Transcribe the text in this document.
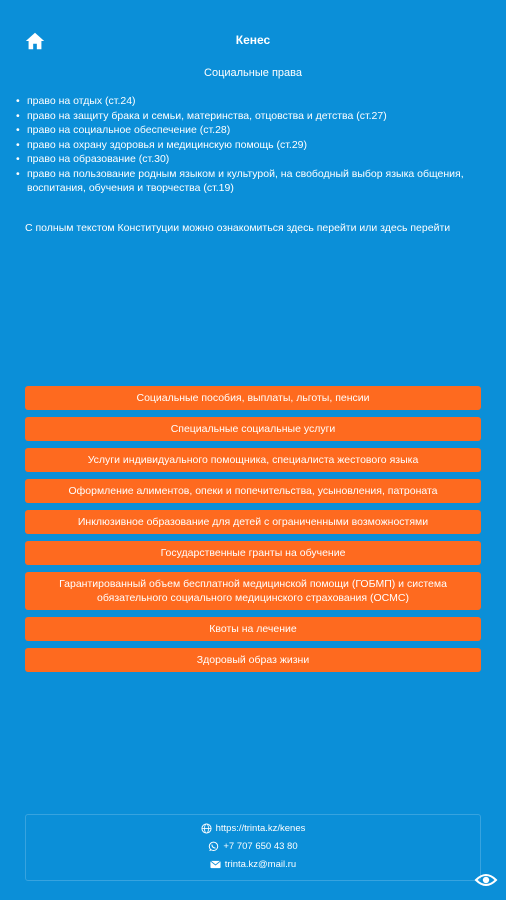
Кенес
Социальные права
• право на отдых (ст.24)
• право на защиту брака и семьи, материнства, отцовства и детства (ст.27)
• право на социальное обеспечение (ст.28)
• право на охрану здоровья и медицинскую помощь (ст.29)
• право на образование (ст.30)
• право на пользование родным языком и культурой, на свободный выбор языка общения, воспитания, обучения и творчества (ст.19)
С полным текстом Конституции можно ознакомиться здесь перейти или здесь перейти
Социальные пособия, выплаты, льготы, пенсии
Специальные социальные услуги
Услуги индивидуального помощника, специалиста жестового языка
Оформление алиментов, опеки и попечительства, усыновления, патроната
Инклюзивное образование для детей с ограниченными возможностями
Государственные гранты на обучение
Гарантированный объем бесплатной медицинской помощи (ГОБМП) и система обязательного социального медицинского страхования (ОСМС)
Квоты на лечение
Здоровый образ жизни
https://trinta.kz/kenes
+7 707 650 43 80
trinta.kz@mail.ru
